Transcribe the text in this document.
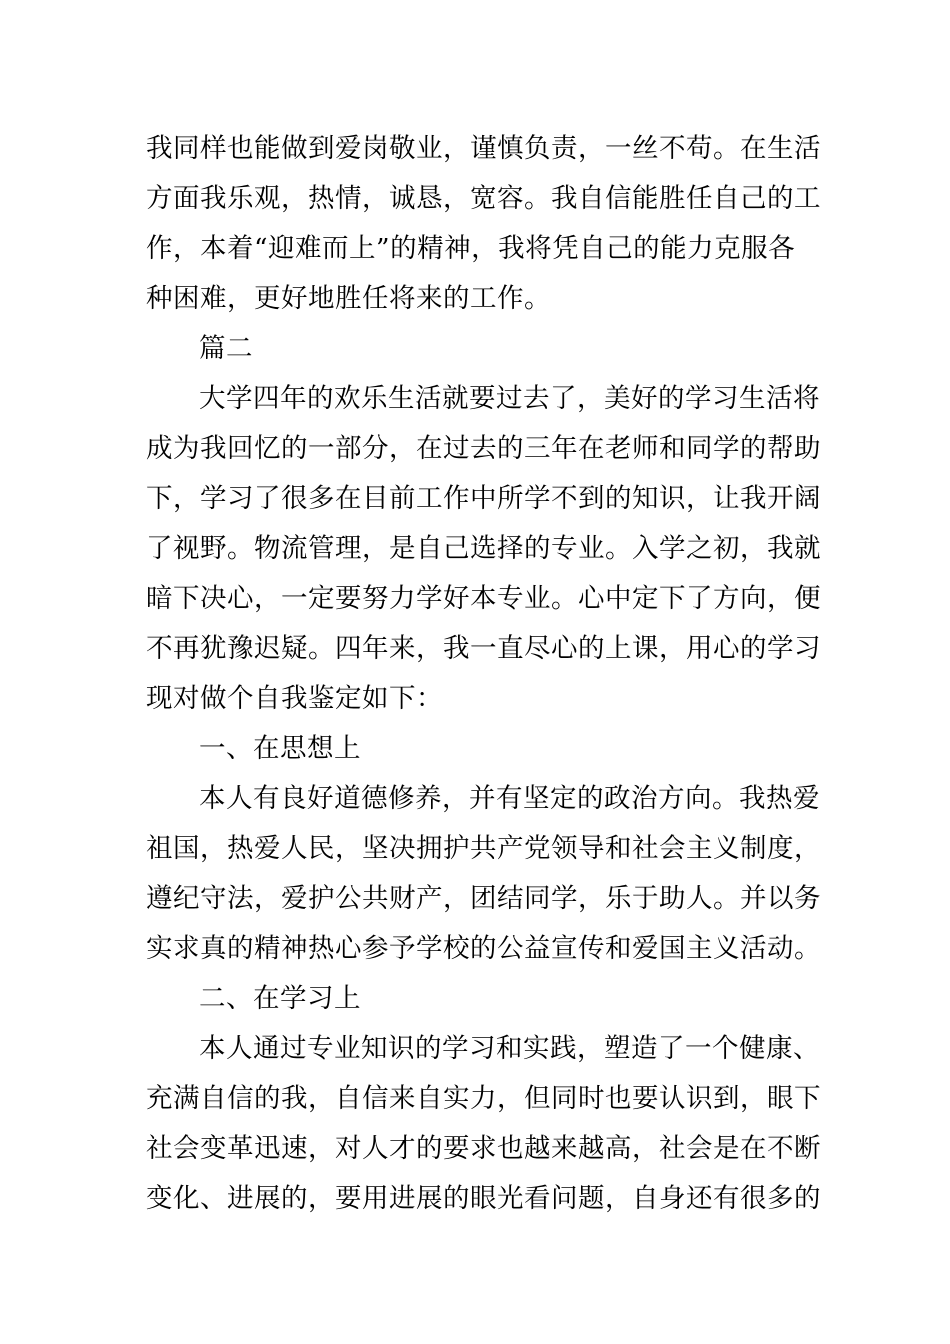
我同样也能做到爱岗敬业，谨慎负责，一丝不苟。在生活
方面我乐观，热情，诚恳，宽容。我自信能胜任自己的工
作，本着“迎难而上”的精神，我将凭自己的能力克服各
种困难，更好地胜任将来的工作。
篇二
大学四年的欢乐生活就要过去了，美好的学习生活将
成为我回忆的一部分，在过去的三年在老师和同学的帮助
下，学习了很多在目前工作中所学不到的知识，让我开阔
了视野。物流管理，是自己选择的专业。入学之初，我就
暗下决心，一定要努力学好本专业。心中定下了方向，便
不再犹豫迟疑。四年来，我一直尽心的上课，用心的学习
现对做个自我鉴定如下：
一、在思想上
本人有良好道德修养，并有坚定的政治方向。我热爱
祖国，热爱人民，坚决拥护共产党领导和社会主义制度，
遵纪守法，爱护公共财产，团结同学，乐于助人。并以务
实求真的精神热心参予学校的公益宣传和爱国主义活动。
二、在学习上
本人通过专业知识的学习和实践，塑造了一个健康、
充满自信的我，自信来自实力，但同时也要认识到，眼下
社会变革迅速，对人才的要求也越来越高，社会是在不断
变化、进展的，要用进展的眼光看问题，自身还有很多的
